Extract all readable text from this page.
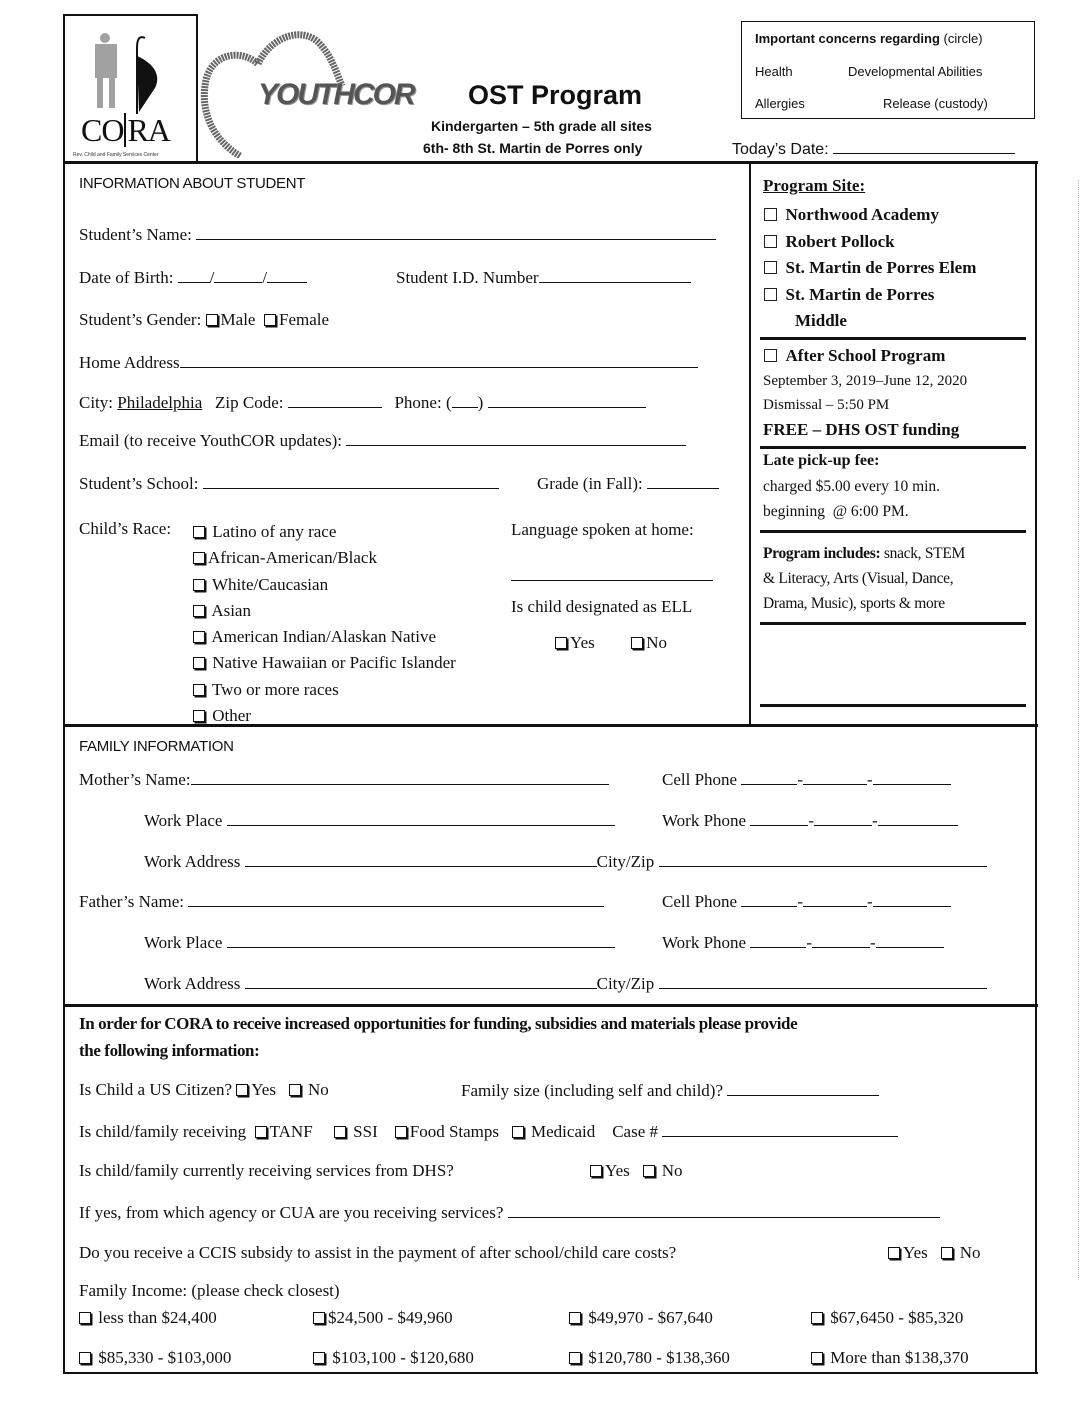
CO RA
Rev. Child and Family Services Center
YOUTHCOR OST Program
Kindergarten – 5th grade all sites
6th- 8th St. Martin de Porres only	Today’s Date:
Important concerns regarding (circle)
Health	Developmental Abilities
Allergies	Release (custody)
INFORMATION ABOUT STUDENT
Student’s Name:
Date of Birth: /	/	Student I.D. Number
Student’s Gender: Male Female
Home Address
City: Philadelphia Zip Code:	Phone: ( )
Email (to receive YouthCOR updates):
Student’s School:	Grade (in Fall):
Child’s Race:	Latino of any race
African-American/Black
White/Caucasian
Asian
American Indian/Alaskan Native
Native Hawaiian or Pacific Islander
Two or more races
Other
Language spoken at home:
Is child designated as ELL
Yes	No
Program Site:
Northwood Academy
Robert Pollock
St. Martin de Porres Elem
St. Martin de Porres
Middle
After School Program
September 3, 2019–June 12, 2020
Dismissal – 5:50 PM
FREE – DHS OST funding
Late pick-up fee:
charged $5.00 every 10 min.
beginning  @ 6:00 PM.
Program includes: snack, STEM
& Literacy, Arts (Visual, Dance,
Drama, Music), sports & more
FAMILY INFORMATION
Mother’s Name:	Cell Phone	-	-
Work Place	Work Phone	-	-
Work Address	City/Zip
Father’s Name:	Cell Phone	-	-
Work Place	Work Phone	-	-
Work Address	City/Zip
In order for CORA to receive increased opportunities for funding, subsidies and materials please provide
the following information:
Is Child a US Citizen? Yes No	Family size (including self and child)?
Is child/family receiving TANF SSI Food Stamps Medicaid Case #
Is child/family currently receiving services from DHS?	Yes No
If yes, from which agency or CUA are you receiving services?
Do you receive a CCIS subsidy to assist in the payment of after school/child care costs?	Yes No
Family Income: (please check closest)
less than $24,400	$24,500 - $49,960	$49,970 - $67,640	$67,6450 - $85,320
$85,330 - $103,000	$103,100 - $120,680	$120,780 - $138,360	More than $138,370
